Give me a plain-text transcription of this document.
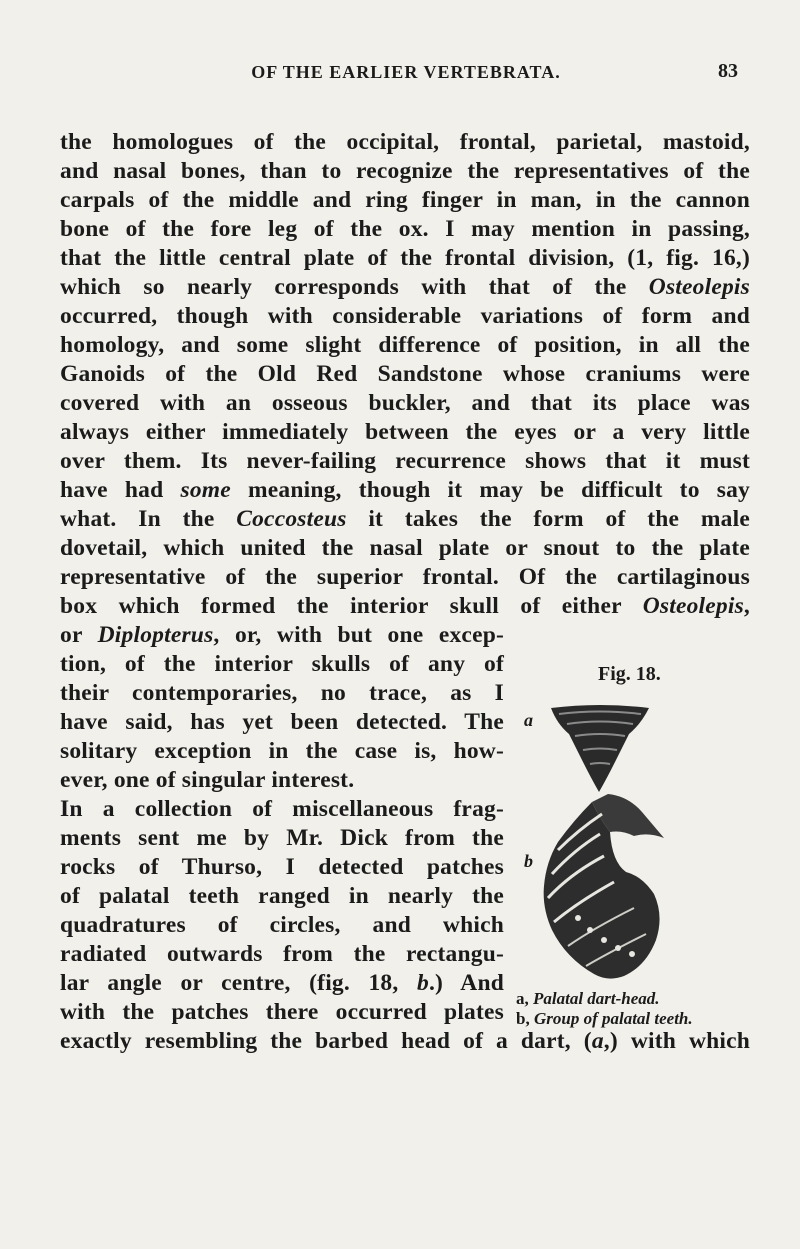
OF THE EARLIER VERTEBRATA.	83
the homologues of the occipital, frontal, parietal, mastoid,
and nasal bones, than to recognize the representatives of the
carpals of the middle and ring finger in man, in the cannon
bone of the fore leg of the ox. I may mention in passing,
that the little central plate of the frontal division, (1, fig. 16,)
which so nearly corresponds with that of the Osteolepis
occurred, though with considerable variations of form and
homology, and some slight difference of position, in all the
Ganoids of the Old Red Sandstone whose craniums were
covered with an osseous buckler, and that its place was
always either immediately between the eyes or a very little
over them. Its never-failing recurrence shows that it must
have had some meaning, though it may be difficult to say
what. In the Coccosteus it takes the form of the male
dovetail, which united the nasal plate or snout to the plate
representative of the superior frontal. Of the cartilaginous
box which formed the interior skull of either Osteolepis,
or Diplopterus, or, with but one excep-
tion, of the interior skulls of any of
their contemporaries, no trace, as I
have said, has yet been detected. The
solitary exception in the case is, how-
ever, one of singular interest.
In a collection of miscellaneous frag-
ments sent me by Mr. Dick from the
rocks of Thurso, I detected patches
of palatal teeth ranged in nearly the
quadratures of circles, and which
radiated outwards from the rectangu-
lar angle or centre, (fig. 18, b.) And
with the patches there occurred plates
exactly resembling the barbed head of a dart, (a,) with which
Fig. 18.
a
b
a, Palatal dart-head.
b, Group of palatal teeth.
